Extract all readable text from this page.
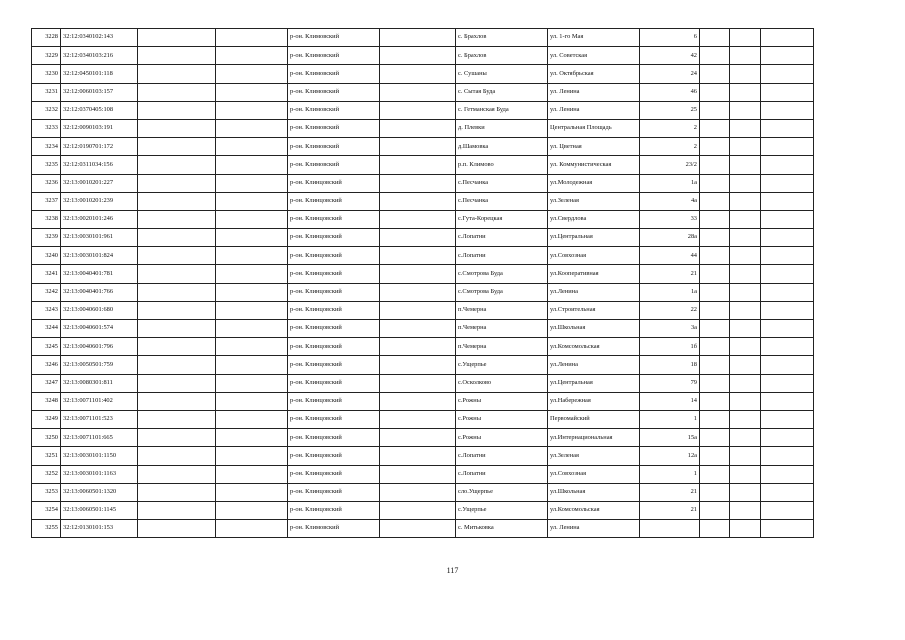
3228	32:12:0340102:143			р-он. Климовский		с. Брахлов	ул. 1-го Мая	6			
3229	32:12:0340103:216			р-он. Климовский		с. Брахлов	ул. Советская	42			
3230	32:12:0450101:118			р-он. Климовский		с. Сушаны	ул. Октябрьская	24			
3231	32:12:0060103:157			р-он. Климовский		с. Сытая Буда	ул. Ленина	46			
3232	32:12:0370405:108			р-он. Климовский		с. Гетманская Буда	ул. Ленина	25			
3233	32:12:0090103:191			р-он. Климовский		д. Плевки	Центральная Площадь	2			
3234	32:12:0190701:172			р-он. Климовский		д.Шамовка	ул. Цветная	2			
3235	32:12:0311034:156			р-он. Климовский		р.п. Климово	ул. Коммунистическая	23/2			
3236	32:13:0010201:227			р-он. Клинцовский		с.Песчанка	ул.Молодежная	1а			
3237	32:13:0010201:239			р-он. Клинцовский		с.Песчанка	ул.Зеленая	4а			
3238	32:13:0020101:246			р-он. Клинцовский		с.Гута-Корецкая	ул.Свердлова	33			
3239	32:13:0030101:961			р-он. Клинцовский		с.Лопатни	ул.Центральная	28а			
3240	32:13:0030101:824			р-он. Клинцовский		с.Лопатни	ул.Совхозная	44			
3241	32:13:0040401:781			р-он. Клинцовский		с.Смотрова Буда	ул.Кооперативная	21			
3242	32:13:0040401:766			р-он. Клинцовский		с.Смотрова Буда	ул.Ленина	1а			
3243	32:13:0040601:680			р-он. Клинцовский		п.Чемерна	ул.Строительная	22			
3244	32:13:0040601:574			р-он. Клинцовский		п.Чемерна	ул.Школьная	3а			
3245	32:13:0040601:796			р-он. Клинцовский		п.Чемерна	ул.Комсомольская	1б			
3246	32:13:0050501:759			р-он. Клинцовский		с.Ущерпье	ул.Ленина	18			
3247	32:13:0080301:811			р-он. Клинцовский		с.Осколково	ул.Центральная	79			
3248	32:13:0071101:402			р-он. Клинцовский		с.Рожны	ул.Набережная	14			
3249	32:13:0071101:523			р-он. Клинцовский		с.Рожны	Первомайский	1			
3250	32:13:0071101:665			р-он. Клинцовский		с.Рожны	ул.Интернациональная	15а			
3251	32:13:0030101:1150			р-он. Клинцовский		с.Лопатни	ул.Зеленая	12а			
3252	32:13:0030101:1163			р-он. Клинцовский		с.Лопатни	ул.Совхозная	1			
3253	32:13:0060501:1320			р-он. Клинцовский		сло.Ущерпье	ул.Школьная	21			
3254	32:13:0060501:1145			р-он. Клинцовский		с.Ущерпье	ул.Комсомольская	21			
3255	32:12:0130101:153			р-он. Климовский		с. Митьковка	ул. Ленина				
117
